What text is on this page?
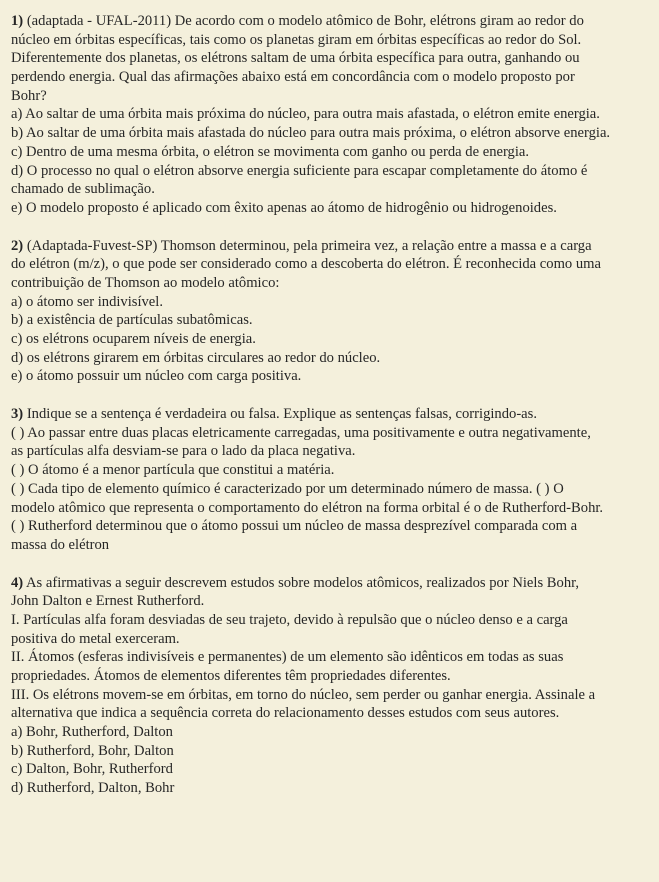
1) (adaptada - UFAL-2011) De acordo com o modelo atômico de Bohr, elétrons giram ao redor do
núcleo em órbitas específicas, tais como os planetas giram em órbitas específicas ao redor do Sol.
Diferentemente dos planetas, os elétrons saltam de uma órbita específica para outra, ganhando ou
perdendo energia. Qual das afirmações abaixo está em concordância com o modelo proposto por
Bohr?
a) Ao saltar de uma órbita mais próxima do núcleo, para outra mais afastada, o elétron emite energia.
b) Ao saltar de uma órbita mais afastada do núcleo para outra mais próxima, o elétron absorve energia.
c) Dentro de uma mesma órbita, o elétron se movimenta com ganho ou perda de energia.
d) O processo no qual o elétron absorve energia suficiente para escapar completamente do átomo é
chamado de sublimação.
e) O modelo proposto é aplicado com êxito apenas ao átomo de hidrogênio ou hidrogenoides.
2) (Adaptada-Fuvest-SP) Thomson determinou, pela primeira vez, a relação entre a massa e a carga
do elétron (m/z), o que pode ser considerado como a descoberta do elétron. É reconhecida como uma
contribuição de Thomson ao modelo atômico:
a) o átomo ser indivisível.
b) a existência de partículas subatômicas.
c) os elétrons ocuparem níveis de energia.
d) os elétrons girarem em órbitas circulares ao redor do núcleo.
e) o átomo possuir um núcleo com carga positiva.
3) Indique se a sentença é verdadeira ou falsa. Explique as sentenças falsas, corrigindo-as.
( ) Ao passar entre duas placas eletricamente carregadas, uma positivamente e outra negativamente,
as partículas alfa desviam-se para o lado da placa negativa.
( ) O átomo é a menor partícula que constitui a matéria.
( ) Cada tipo de elemento químico é caracterizado por um determinado número de massa. ( ) O
modelo atômico que representa o comportamento do elétron na forma orbital é o de Rutherford-Bohr.
( ) Rutherford determinou que o átomo possui um núcleo de massa desprezível comparada com a
massa do elétron
4) As afirmativas a seguir descrevem estudos sobre modelos atômicos, realizados por Niels Bohr,
John Dalton e Ernest Rutherford.
I. Partículas alfa foram desviadas de seu trajeto, devido à repulsão que o núcleo denso e a carga
positiva do metal exerceram.
II. Átomos (esferas indivisíveis e permanentes) de um elemento são idênticos em todas as suas
propriedades. Átomos de elementos diferentes têm propriedades diferentes.
III. Os elétrons movem-se em órbitas, em torno do núcleo, sem perder ou ganhar energia. Assinale a
alternativa que indica a sequência correta do relacionamento desses estudos com seus autores.
a) Bohr, Rutherford, Dalton
b) Rutherford, Bohr, Dalton
c) Dalton, Bohr, Rutherford
d) Rutherford, Dalton, Bohr
